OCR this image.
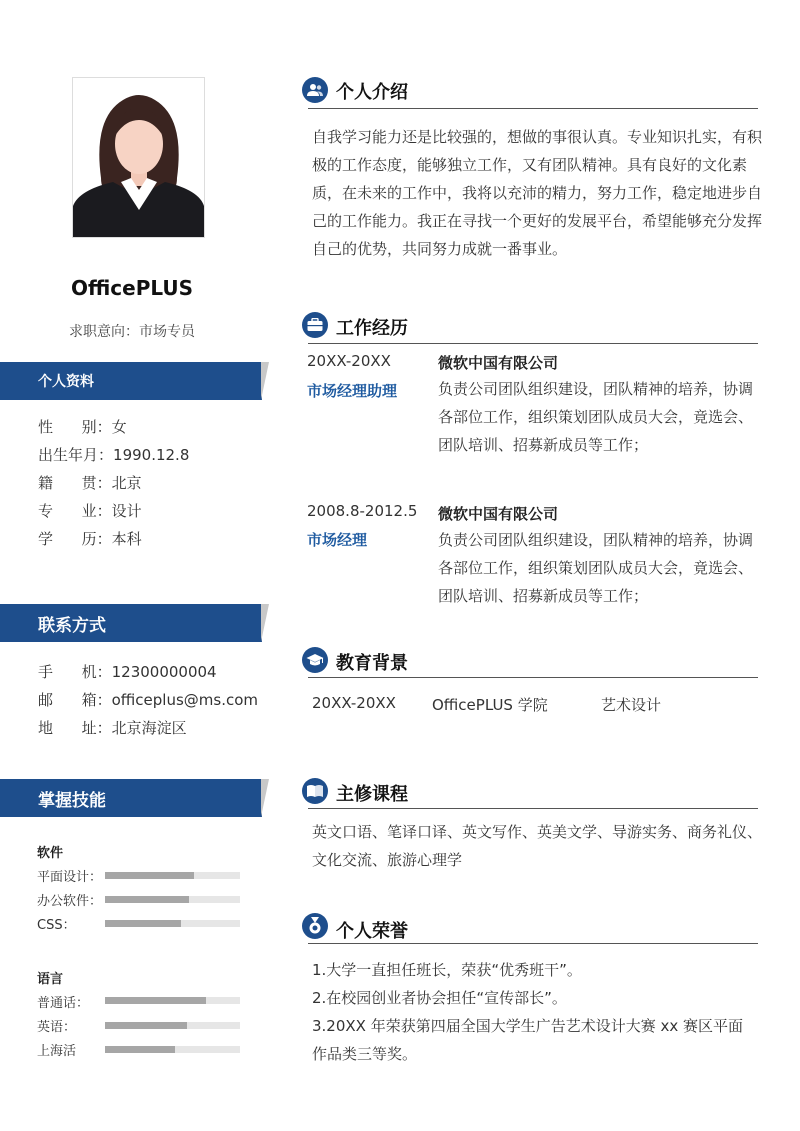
OfficePLUS
求职意向：市场专员
个人资料
性      别：女
出生年月：1990.12.8
籍      贯：北京
专      业：设计
学      历：本科
联系方式
手      机：12300000004
邮      箱：officeplus@ms.com
地      址：北京海淀区
掌握技能
软件
平面设计：
办公软件：
CSS：
语言
普通话：
英语：
上海活
个人介绍
自我学习能力还是比较强的，想做的事很认真。专业知识扎实，有积极的工作态度，能够独立工作，又有团队精神。具有良好的文化素质，在未来的工作中，我将以充沛的精力，努力工作，稳定地进步自己的工作能力。我正在寻找一个更好的发展平台，希望能够充分发挥自己的优势，共同努力成就一番事业。
工作经历
20XX-20XX
市场经理助理
微软中国有限公司
负责公司团队组织建设，团队精神的培养，协调各部位工作，组织策划团队成员大会，竟选会、团队培训、招募新成员等工作；
2008.8-2012.5
市场经理
微软中国有限公司
负责公司团队组织建设，团队精神的培养，协调各部位工作，组织策划团队成员大会，竟选会、团队培训、招募新成员等工作；
教育背景
20XX-20XX OfficePLUS 学院	艺术设计
主修课程
英文口语、笔译口译、英文写作、英美文学、导游实务、商务礼仪、文化交流、旅游心理学
个人荣誉
1.大学一直担任班长，荣获“优秀班干”。
2.在校园创业者协会担任“宣传部长”。
3.20XX 年荣获第四届全国大学生广告艺术设计大赛 xx 赛区平面作品类三等奖。
